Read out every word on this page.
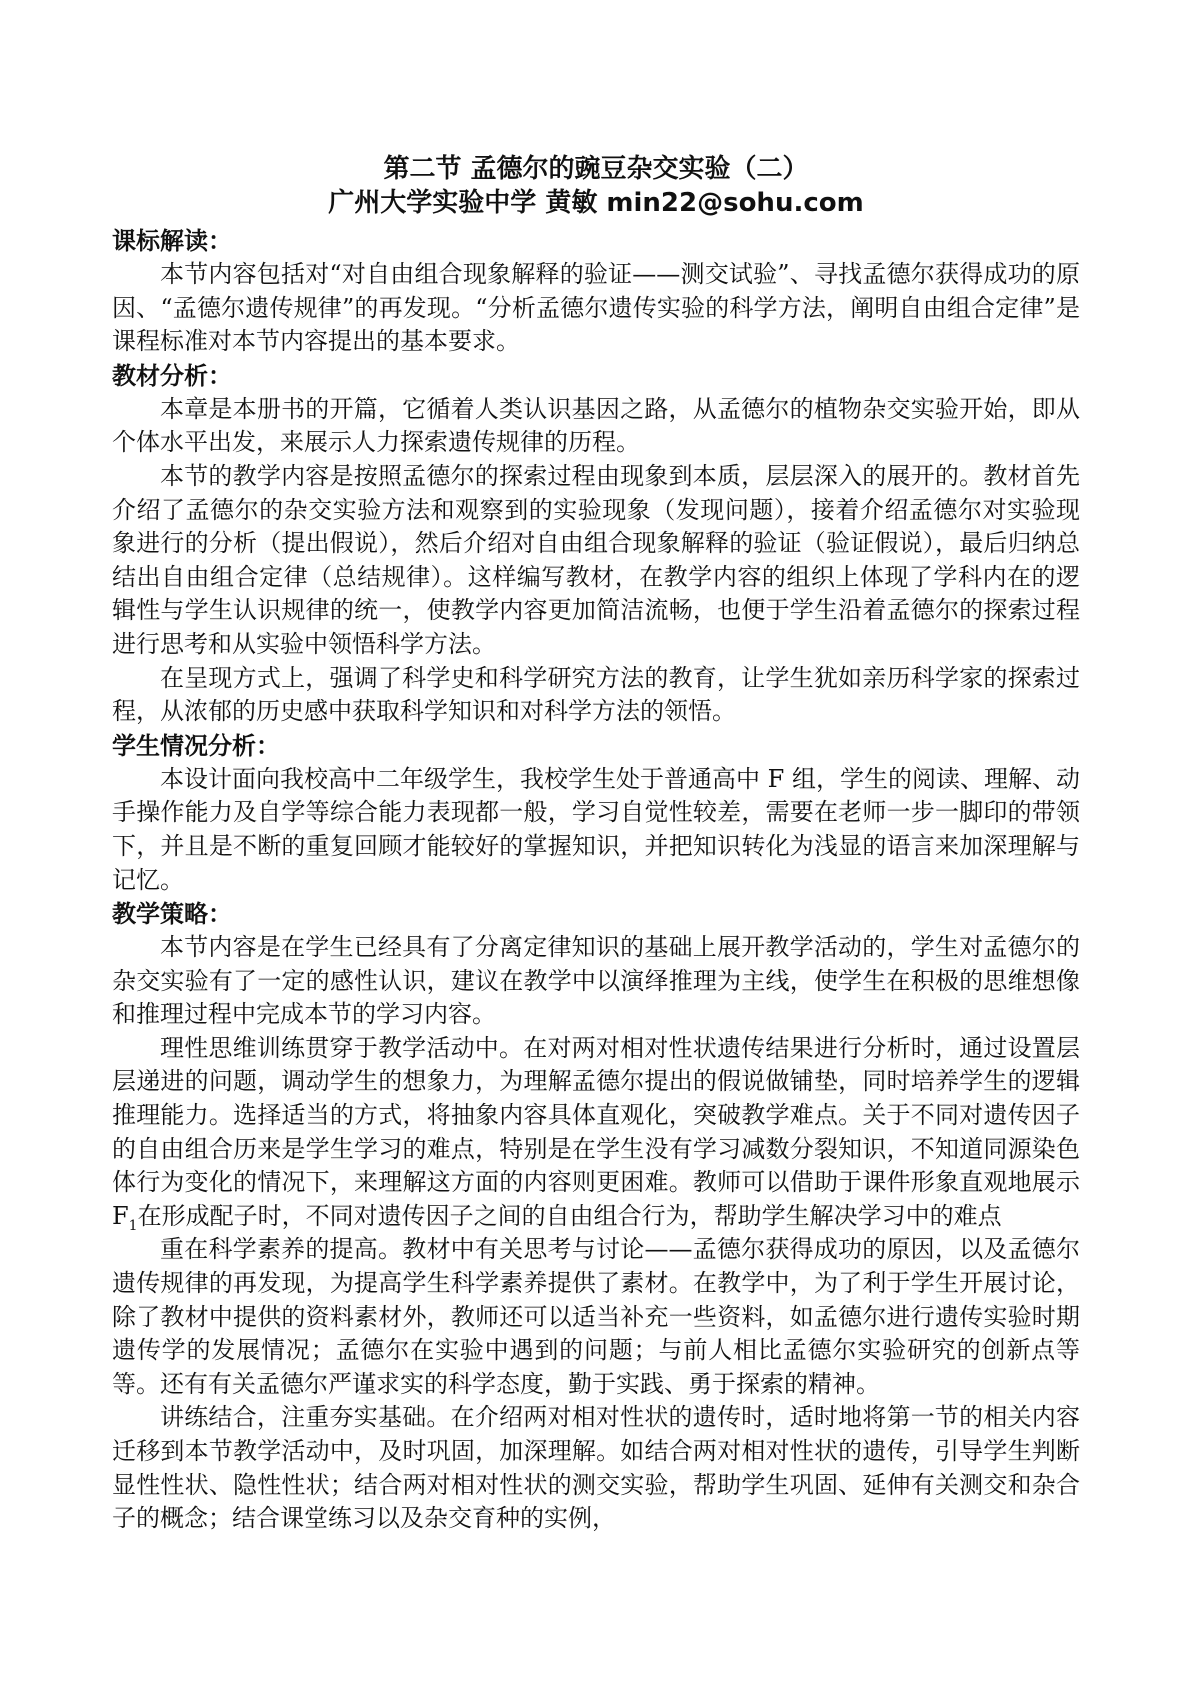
第二节 孟德尔的豌豆杂交实验（二）
广州大学实验中学 黄敏 min22@sohu.com
课标解读：

本节内容包括对“对自由组合现象解释的验证——测交试验”、寻找孟德尔获得成功的原因、“孟德尔遗传规律”的再发现。“分析孟德尔遗传实验的科学方法，阐明自由组合定律”是课程标准对本节内容提出的基本要求。

教材分析：

本章是本册书的开篇，它循着人类认识基因之路，从孟德尔的植物杂交实验开始，即从个体水平出发，来展示人力探索遗传规律的历程。

本节的教学内容是按照孟德尔的探索过程由现象到本质，层层深入的展开的。教材首先介绍了孟德尔的杂交实验方法和观察到的实验现象（发现问题），接着介绍孟德尔对实验现象进行的分析（提出假说），然后介绍对自由组合现象解释的验证（验证假说），最后归纳总结出自由组合定律（总结规律）。这样编写教材，在教学内容的组织上体现了学科内在的逻辑性与学生认识规律的统一，使教学内容更加简洁流畅，也便于学生沿着孟德尔的探索过程进行思考和从实验中领悟科学方法。

在呈现方式上，强调了科学史和科学研究方法的教育，让学生犹如亲历科学家的探索过程，从浓郁的历史感中获取科学知识和对科学方法的领悟。

学生情况分析：

本设计面向我校高中二年级学生，我校学生处于普通高中 F 组，学生的阅读、理解、动手操作能力及自学等综合能力表现都一般，学习自觉性较差，需要在老师一步一脚印的带领下，并且是不断的重复回顾才能较好的掌握知识，并把知识转化为浅显的语言来加深理解与记忆。

教学策略：

本节内容是在学生已经具有了分离定律知识的基础上展开教学活动的，学生对孟德尔的杂交实验有了一定的感性认识，建议在教学中以演绎推理为主线，使学生在积极的思维想像和推理过程中完成本节的学习内容。

理性思维训练贯穿于教学活动中。在对两对相对性状遗传结果进行分析时，通过设置层层递进的问题，调动学生的想象力，为理解孟德尔提出的假说做铺垫，同时培养学生的逻辑推理能力。选择适当的方式，将抽象内容具体直观化，突破教学难点。关于不同对遗传因子的自由组合历来是学生学习的难点，特别是在学生没有学习减数分裂知识，不知道同源染色体行为变化的情况下，来理解这方面的内容则更困难。教师可以借助于课件形象直观地展示 $F_1$在形成配子时，不同对遗传因子之间的自由组合行为，帮助学生解决学习中的难点

重在科学素养的提高。教材中有关思考与讨论——孟德尔获得成功的原因，以及孟德尔遗传规律的再发现，为提高学生科学素养提供了素材。在教学中，为了利于学生开展讨论，除了教材中提供的资料素材外，教师还可以适当补充一些资料，如孟德尔进行遗传实验时期遗传学的发展情况；孟德尔在实验中遇到的问题；与前人相比孟德尔实验研究的创新点等等。还有有关孟德尔严谨求实的科学态度，勤于实践、勇于探索的精神。

讲练结合，注重夯实基础。在介绍两对相对性状的遗传时，适时地将第一节的相关内容迁移到本节教学活动中，及时巩固，加深理解。如结合两对相对性状的遗传，引导学生判断显性性状、隐性性状；结合两对相对性状的测交实验，帮助学生巩固、延伸有关测交和杂合子的概念；结合课堂练习以及杂交育种的实例，
